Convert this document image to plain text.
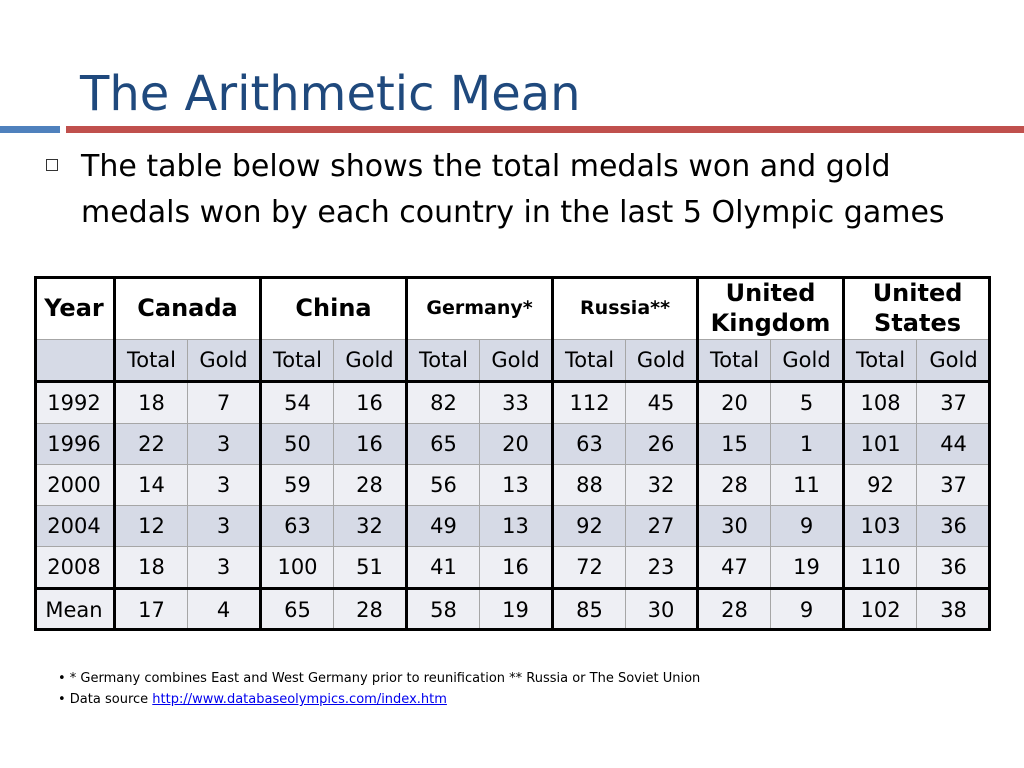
The Arithmetic Mean
The table below shows the total medals won and gold medals won by each country in the last 5 Olympic games
Year	Canada		China		Germany*		Russia**		United Kingdom		United States	
	Total	Gold	Total	Gold	Total	Gold	Total	Gold	Total	Gold	Total	Gold
1992	18	7	54	16	82	33	112	45	20	5	108	37
1996	22	3	50	16	65	20	63	26	15	1	101	44
2000	14	3	59	28	56	13	88	32	28	11	92	37
2004	12	3	63	32	49	13	92	27	30	9	103	36
2008	18	3	100	51	41	16	72	23	47	19	110	36
Mean	17	4	65	28	58	19	85	30	28	9	102	38
• * Germany combines East and West Germany prior to reunification ** Russia or The Soviet Union
• Data source http://www.databaseolympics.com/index.htm
